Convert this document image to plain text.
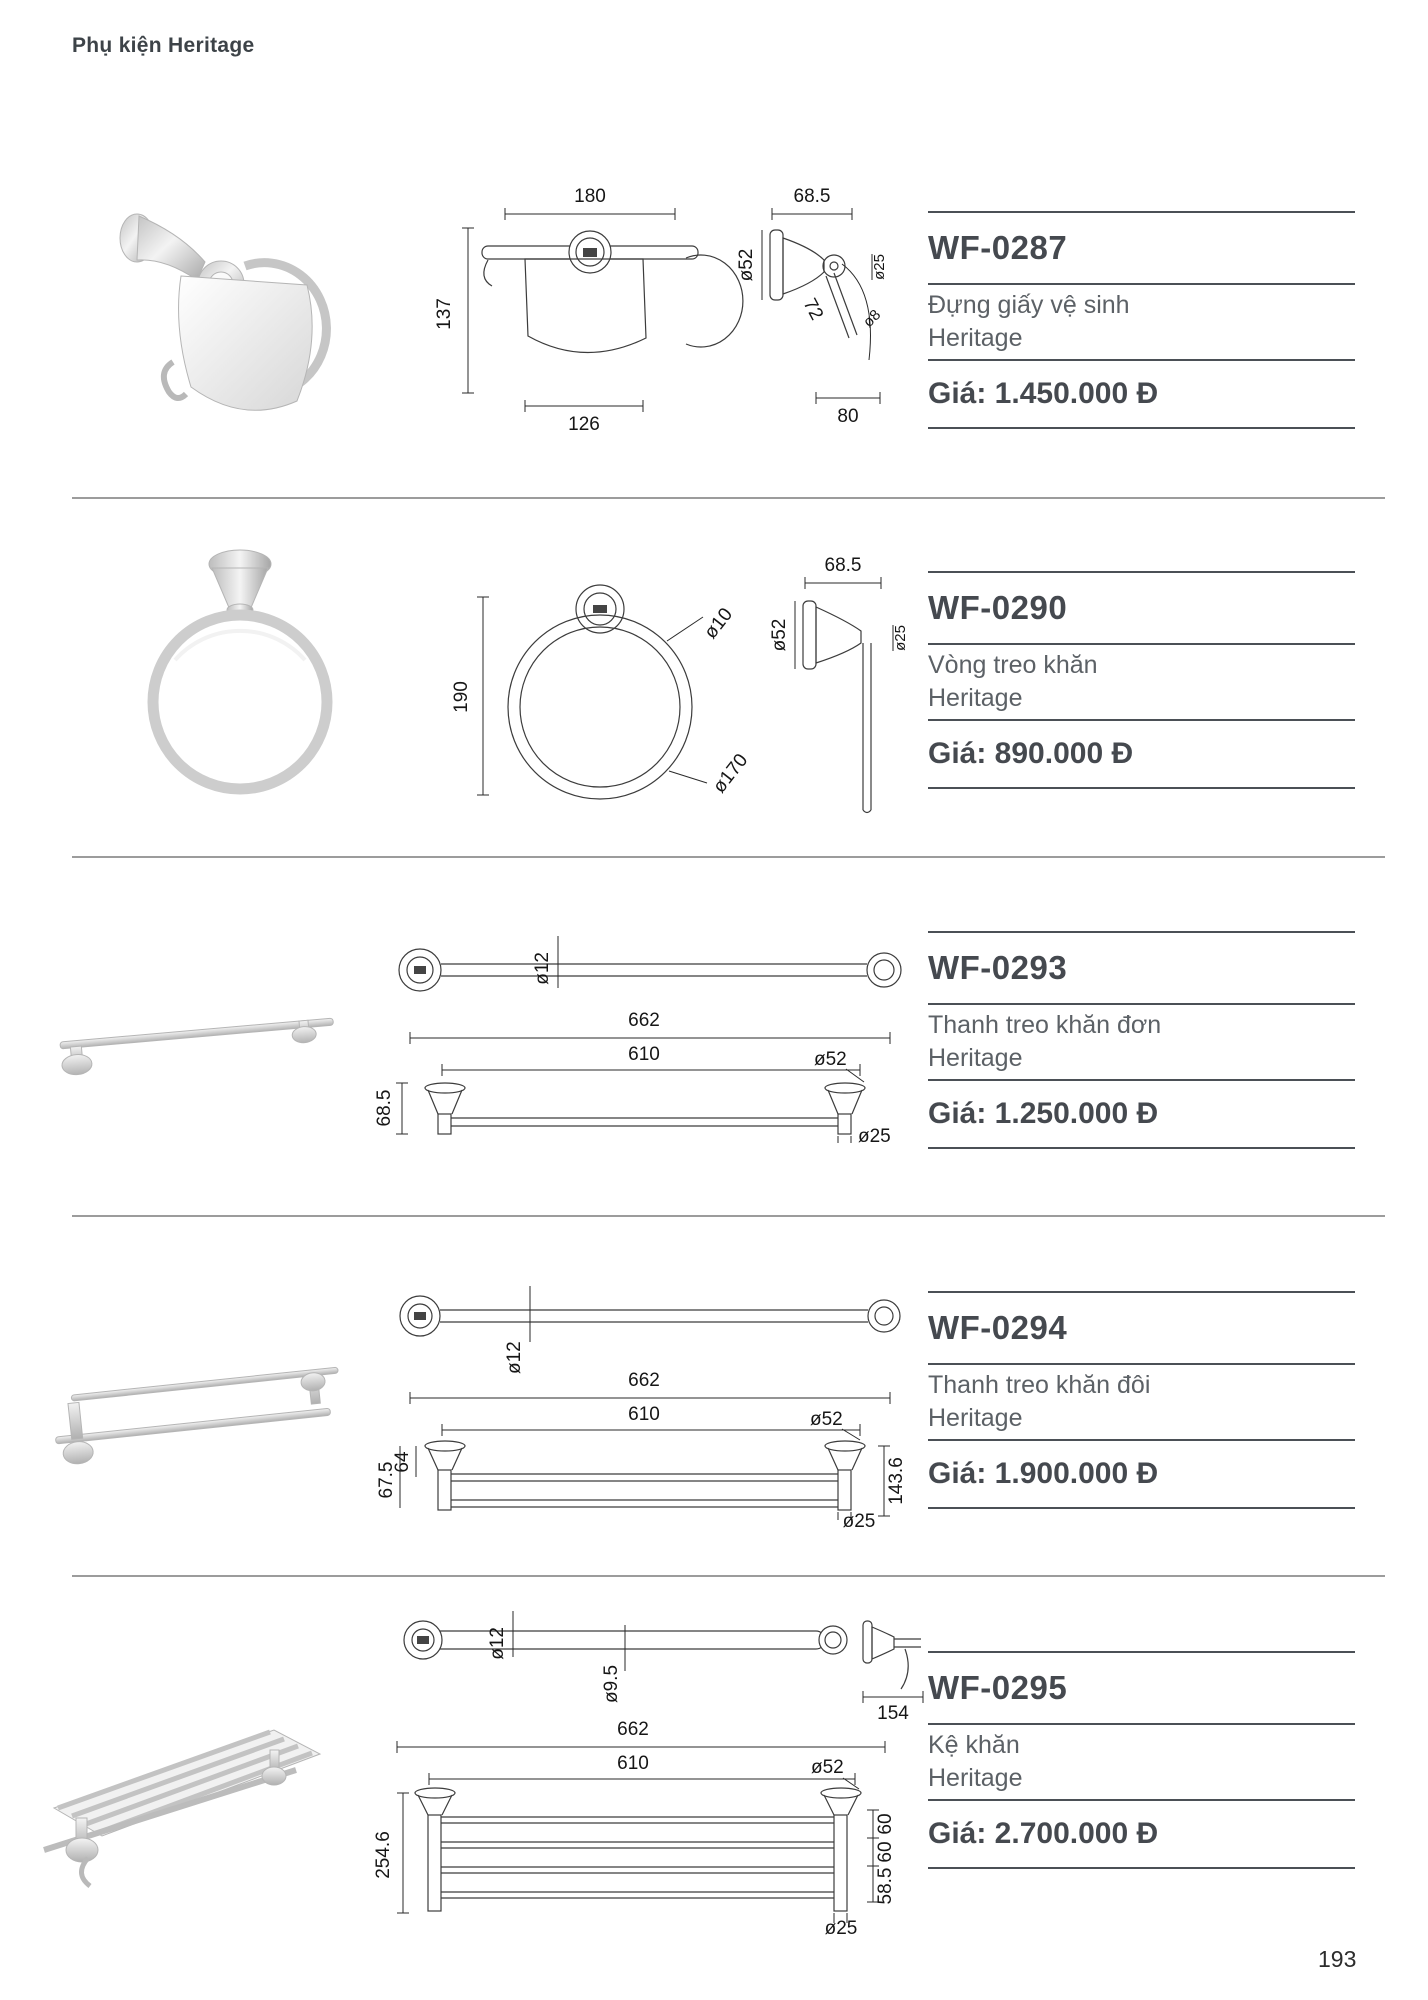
Phụ kiện Heritage
180
137
126
68.5
ø52	ø25
72 ø8
80
WF-0287
Đựng giấy vệ sinh
Heritage
Giá: 1.450.000 Đ
190
ø10
ø170
68.5
ø52	ø25
WF-0290
Vòng treo khăn
Heritage
Giá: 890.000 Đ
ø12
662
610	ø52
68.5
ø25
WF-0293
Thanh treo khăn đơn
Heritage
Giá: 1.250.000 Đ
ø12
662
610	ø52
64
67.5	143.6
ø25
WF-0294
Thanh treo khăn đôi
Heritage
Giá: 1.900.000 Đ
ø12
ø9.5
154
662
610	ø52
254.6
60
60
58.5
ø25
WF-0295
Kệ khăn
Heritage
Giá: 2.700.000 Đ
193
